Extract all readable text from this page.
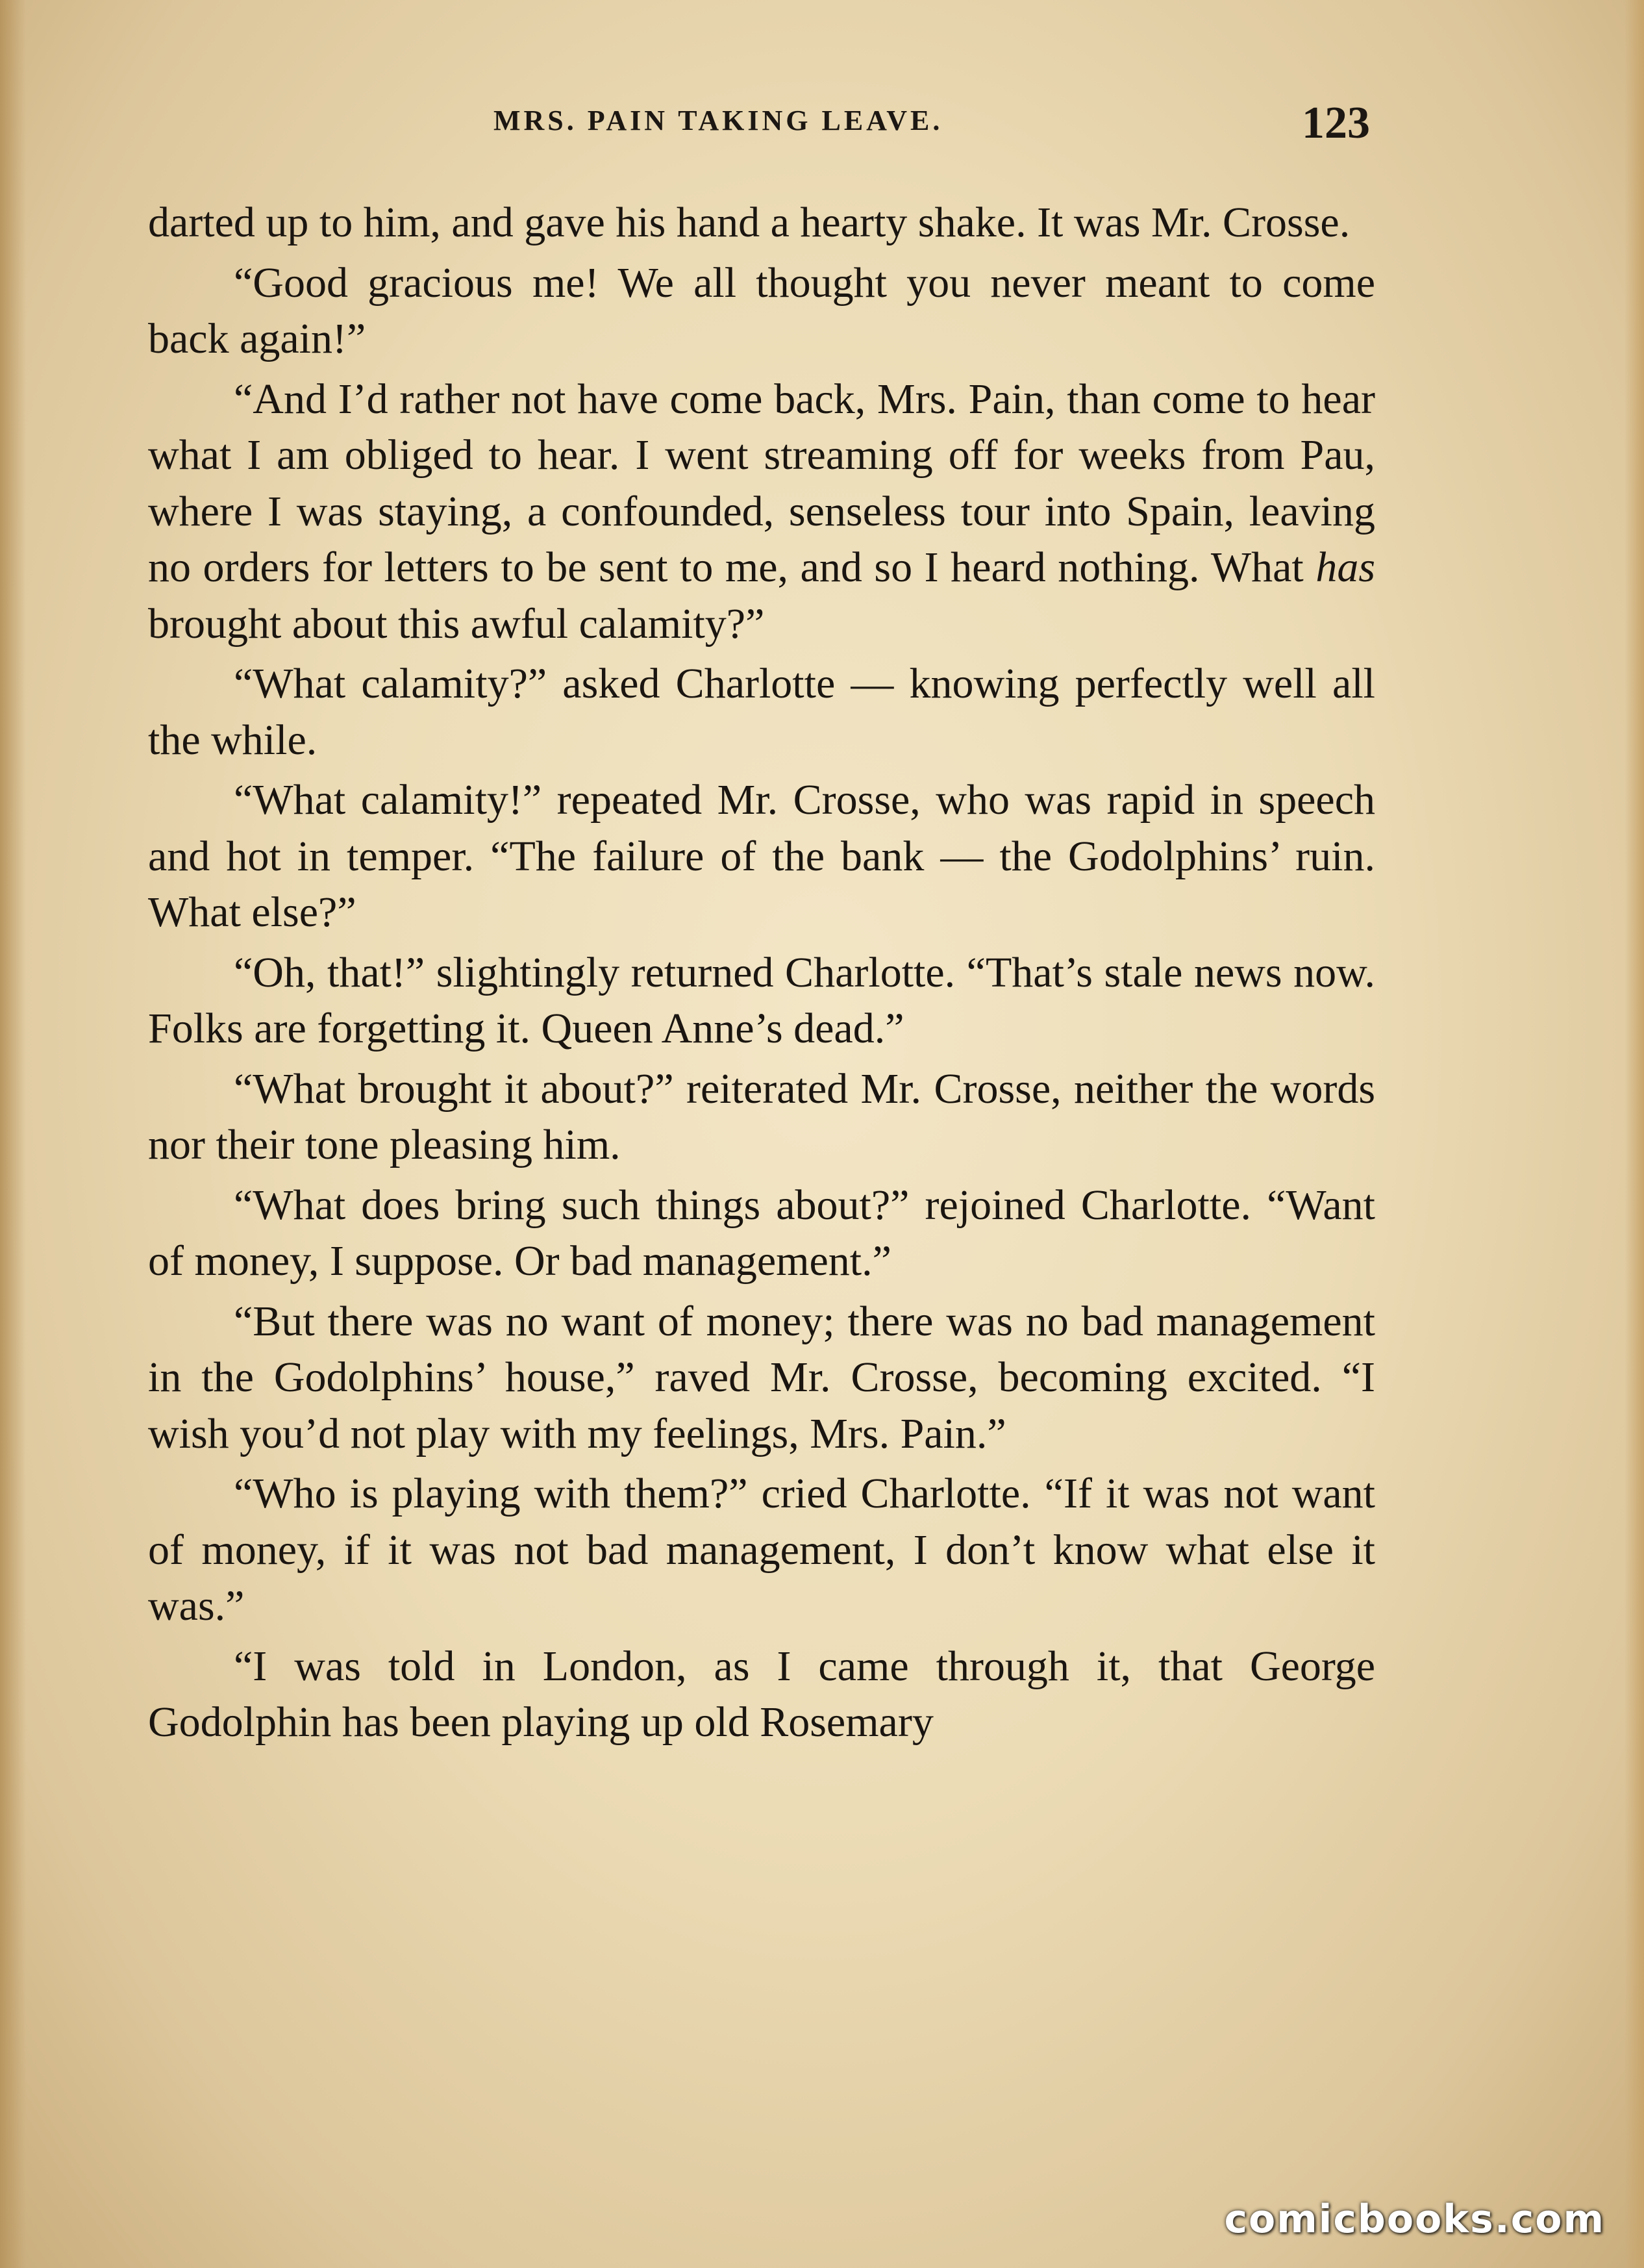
MRS. PAIN TAKING LEAVE.	123

darted up to him, and gave his hand a hearty shake. It was Mr. Crosse.

“Good gracious me! We all thought you never meant to come back again!”

“And I’d rather not have come back, Mrs. Pain, than come to hear what I am obliged to hear. I went streaming off for weeks from Pau, where I was staying, a confounded, senseless tour into Spain, leaving no orders for letters to be sent to me, and so I heard nothing. What has brought about this awful calamity?”

“What calamity?” asked Charlotte — knowing perfectly well all the while.

“What calamity!” repeated Mr. Crosse, who was rapid in speech and hot in temper. “The failure of the bank — the Godolphins’ ruin. What else?”

“Oh, that!” slightingly returned Charlotte. “That’s stale news now. Folks are forgetting it. Queen Anne’s dead.”

“What brought it about?” reiterated Mr. Crosse, neither the words nor their tone pleasing him.

“What does bring such things about?” rejoined Charlotte. “Want of money, I suppose. Or bad management.”

“But there was no want of money; there was no bad management in the Godolphins’ house,” raved Mr. Crosse, becoming excited. “I wish you’d not play with my feelings, Mrs. Pain.”

“Who is playing with them?” cried Charlotte. “If it was not want of money, if it was not bad management, I don’t know what else it was.”

“I was told in London, as I came through it, that George Godolphin has been playing up old Rosemary

comicbooks.com
